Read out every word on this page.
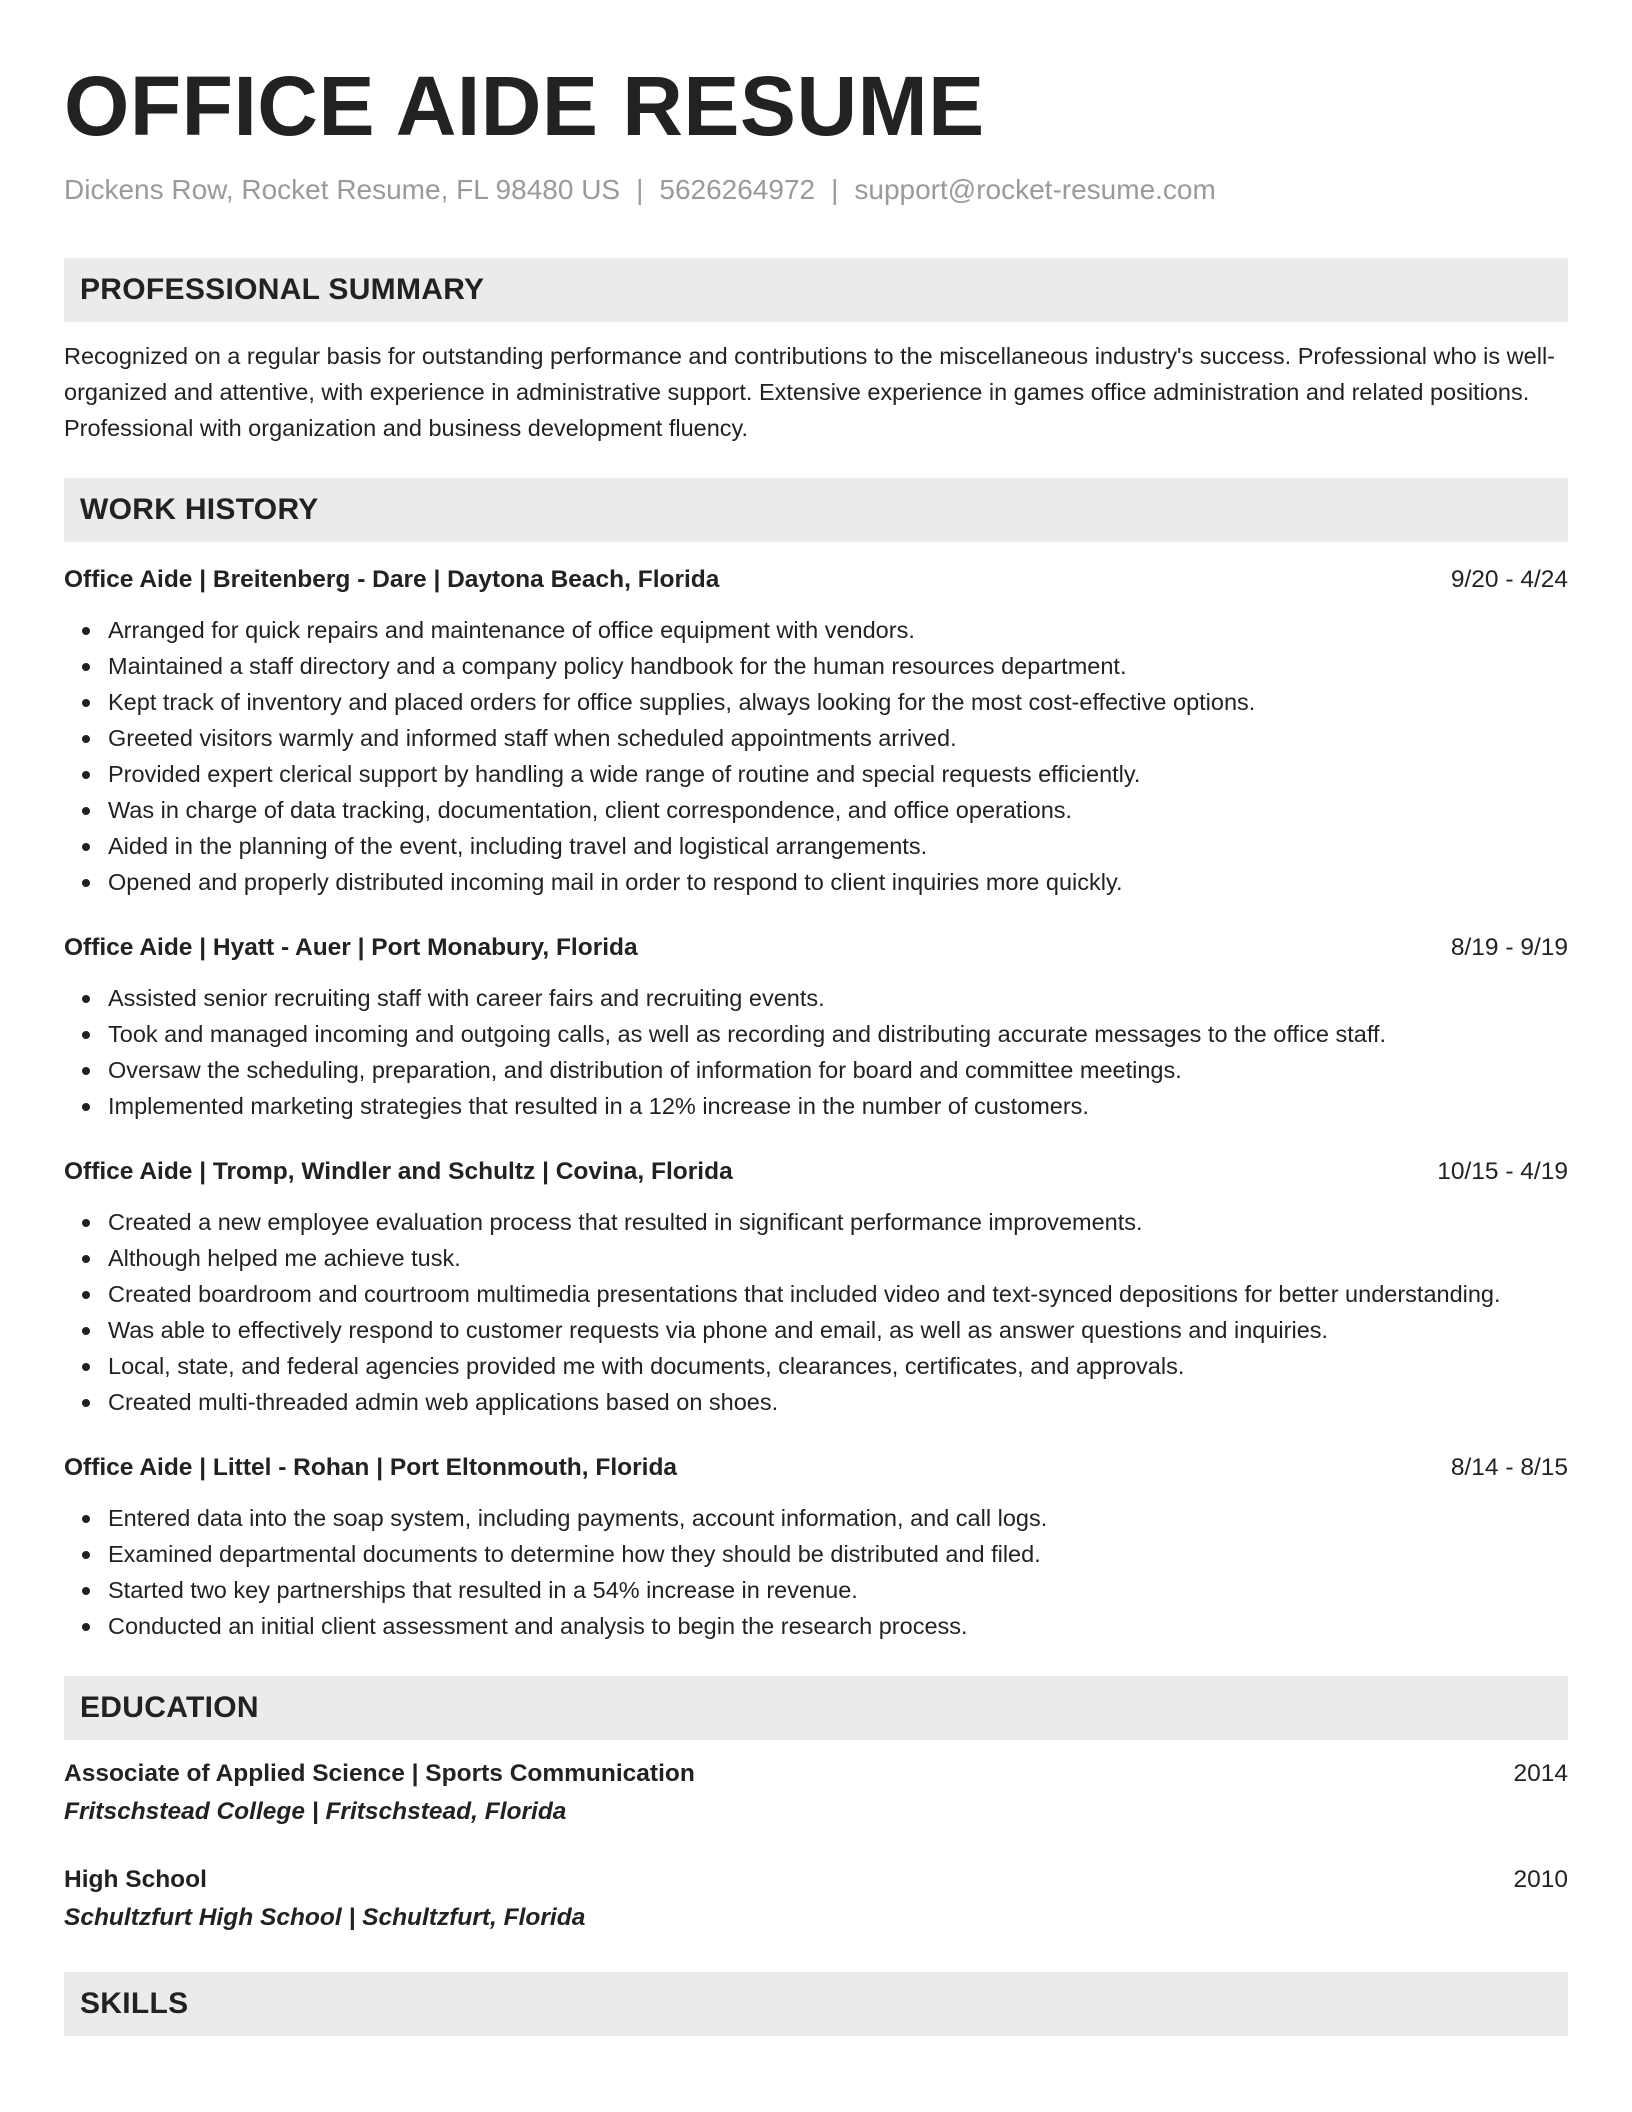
OFFICE AIDE RESUME
Dickens Row, Rocket Resume, FL 98480 US | 5626264972 | support@rocket-resume.com
PROFESSIONAL SUMMARY
Recognized on a regular basis for outstanding performance and contributions to the miscellaneous industry's success. Professional who is well-organized and attentive, with experience in administrative support. Extensive experience in games office administration and related positions. Professional with organization and business development fluency.
WORK HISTORY
Office Aide | Breitenberg - Dare | Daytona Beach, Florida	9/20 - 4/24
Arranged for quick repairs and maintenance of office equipment with vendors.
Maintained a staff directory and a company policy handbook for the human resources department.
Kept track of inventory and placed orders for office supplies, always looking for the most cost-effective options.
Greeted visitors warmly and informed staff when scheduled appointments arrived.
Provided expert clerical support by handling a wide range of routine and special requests efficiently.
Was in charge of data tracking, documentation, client correspondence, and office operations.
Aided in the planning of the event, including travel and logistical arrangements.
Opened and properly distributed incoming mail in order to respond to client inquiries more quickly.
Office Aide | Hyatt - Auer | Port Monabury, Florida	8/19 - 9/19
Assisted senior recruiting staff with career fairs and recruiting events.
Took and managed incoming and outgoing calls, as well as recording and distributing accurate messages to the office staff.
Oversaw the scheduling, preparation, and distribution of information for board and committee meetings.
Implemented marketing strategies that resulted in a 12% increase in the number of customers.
Office Aide | Tromp, Windler and Schultz | Covina, Florida	10/15 - 4/19
Created a new employee evaluation process that resulted in significant performance improvements.
Although helped me achieve tusk.
Created boardroom and courtroom multimedia presentations that included video and text-synced depositions for better understanding.
Was able to effectively respond to customer requests via phone and email, as well as answer questions and inquiries.
Local, state, and federal agencies provided me with documents, clearances, certificates, and approvals.
Created multi-threaded admin web applications based on shoes.
Office Aide | Littel - Rohan | Port Eltonmouth, Florida	8/14 - 8/15
Entered data into the soap system, including payments, account information, and call logs.
Examined departmental documents to determine how they should be distributed and filed.
Started two key partnerships that resulted in a 54% increase in revenue.
Conducted an initial client assessment and analysis to begin the research process.
EDUCATION
Associate of Applied Science | Sports Communication	2014
Fritschstead College | Fritschstead, Florida
High School	2010
Schultzfurt High School | Schultzfurt, Florida
SKILLS
